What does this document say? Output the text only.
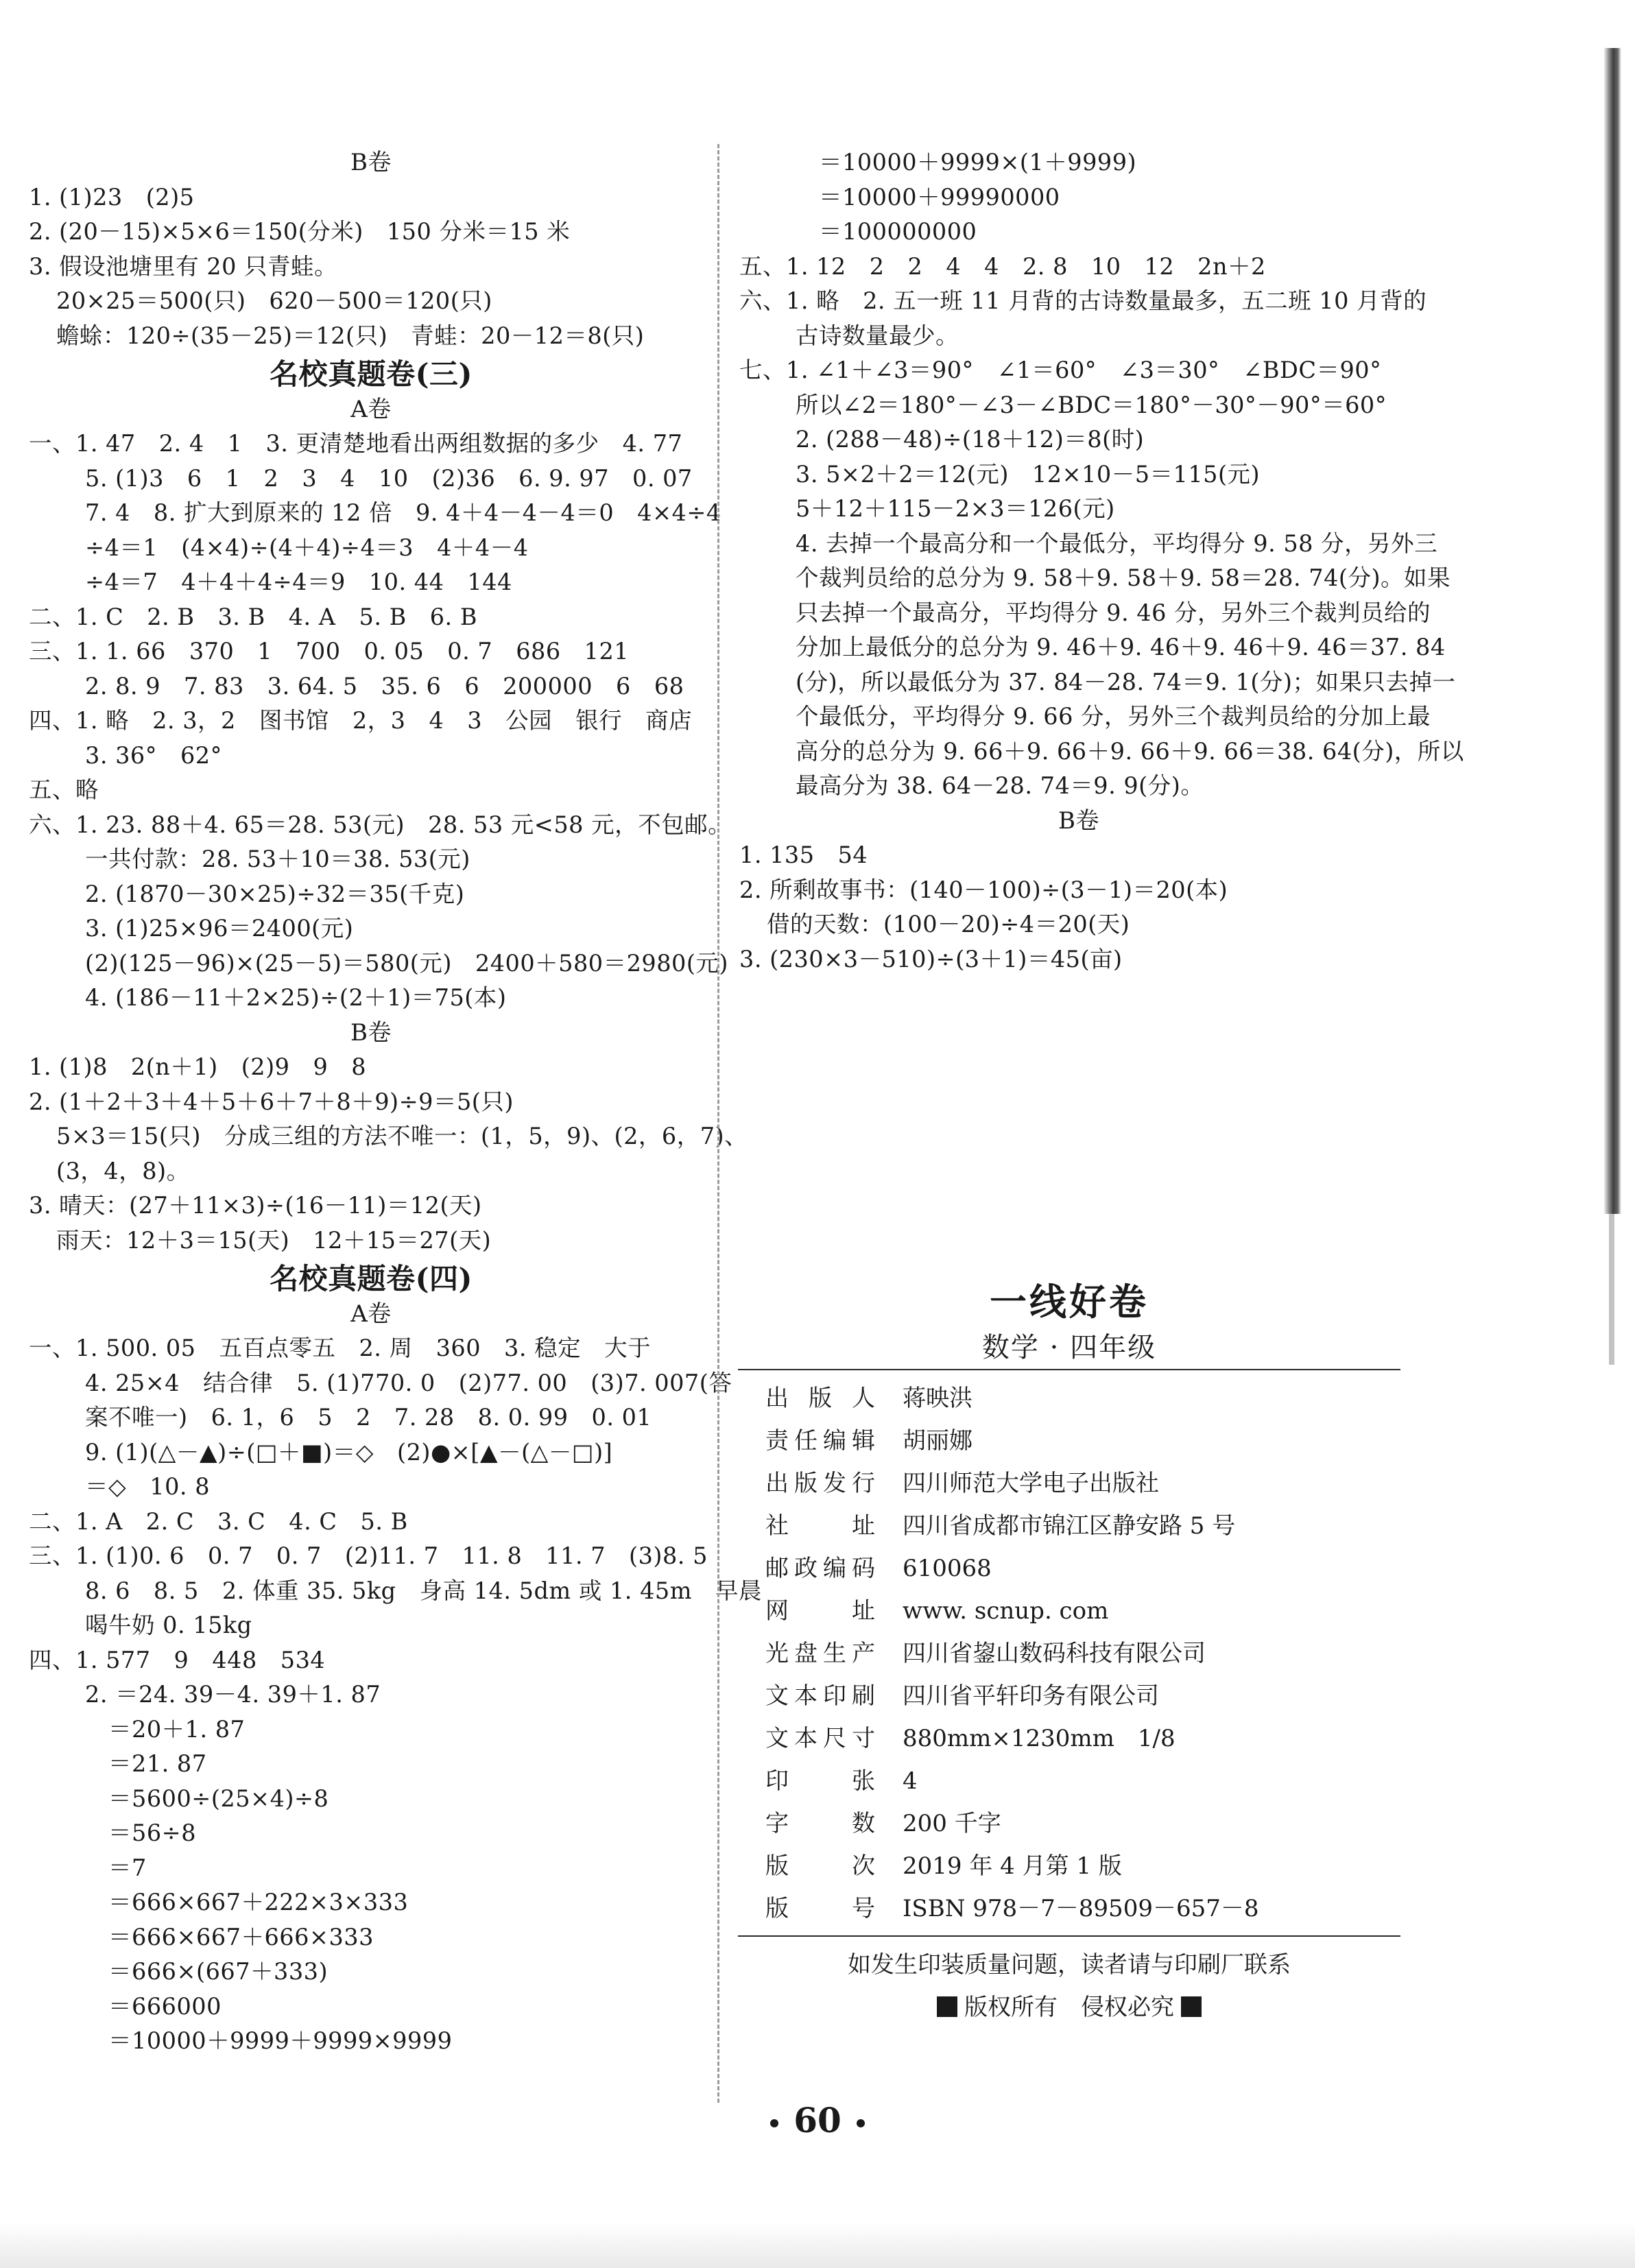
B卷
1. (1)23　(2)5
2. (20－15)×5×6＝150(分米)　150 分米＝15 米
3. 假设池塘里有 20 只青蛙。
20×25＝500(只)　620－500＝120(只)
蟾蜍：120÷(35－25)＝12(只)　青蛙：20－12＝8(只)
名校真题卷(三)
A卷
一、1. 47　2. 4　1　3. 更清楚地看出两组数据的多少　4. 77
5. (1)3　6　1　2　3　4　10　(2)36　6. 9. 97　0. 07
7. 4　8. 扩大到原来的 12 倍　9. 4＋4－4－4＝0　4×4÷4
÷4＝1　(4×4)÷(4＋4)÷4＝3　4＋4－4
÷4＝7　4＋4＋4÷4＝9　10. 44　144
二、1. C　2. B　3. B　4. A　5. B　6. B
三、1. 1. 66　370　1　700　0. 05　0. 7　686　121
2. 8. 9　7. 83　3. 64. 5　35. 6　6　200000　6　68
四、1. 略　2. 3，2　图书馆　2，3　4　3　公园　银行　商店
3. 36°　62°
五、略
六、1. 23. 88＋4. 65＝28. 53(元)　28. 53 元<58 元，不包邮。
一共付款：28. 53＋10＝38. 53(元)
2. (1870－30×25)÷32＝35(千克)
3. (1)25×96＝2400(元)
(2)(125－96)×(25－5)＝580(元)　2400＋580＝2980(元)
4. (186－11＋2×25)÷(2＋1)＝75(本)
B卷
1. (1)8　2(n＋1)　(2)9　9　8
2. (1＋2＋3＋4＋5＋6＋7＋8＋9)÷9＝5(只)
5×3＝15(只)　分成三组的方法不唯一：(1，5，9)、(2，6，7)、
(3，4，8)。
3. 晴天：(27＋11×3)÷(16－11)＝12(天)
雨天：12＋3＝15(天)　12＋15＝27(天)
名校真题卷(四)
A卷
一、1. 500. 05　五百点零五　2. 周　360　3. 稳定　大于
4. 25×4　结合律　5. (1)770. 0　(2)77. 00　(3)7. 007(答
案不唯一)　6. 1，6　5　2　7. 28　8. 0. 99　0. 01
9. (1)(△－▲)÷(□＋■)＝◇　(2)●×[▲－(△－□)]
＝◇　10. 8
二、1. A　2. C　3. C　4. C　5. B
三、1. (1)0. 6　0. 7　0. 7　(2)11. 7　11. 8　11. 7　(3)8. 5
8. 6　8. 5　2. 体重 35. 5kg　身高 14. 5dm 或 1. 45m　早晨
喝牛奶 0. 15kg
四、1. 577　9　448　534
2. ＝24. 39－4. 39＋1. 87
　＝20＋1. 87
　＝21. 87
　＝5600÷(25×4)÷8
　＝56÷8
　＝7
　＝666×667＋222×3×333
　＝666×667＋666×333
　＝666×(667＋333)
　＝666000
　＝10000＋9999＋9999×9999
　＝10000＋9999×(1＋9999)
　＝10000＋99990000
　＝100000000
五、1. 12　2　2　4　4　2. 8　10　12　2n＋2
六、1. 略　2. 五一班 11 月背的古诗数量最多，五二班 10 月背的
古诗数量最少。
七、1. ∠1＋∠3＝90°　∠1＝60°　∠3＝30°　∠BDC＝90°
所以∠2＝180°－∠3－∠BDC＝180°－30°－90°＝60°
2. (288－48)÷(18＋12)＝8(时)
3. 5×2＋2＝12(元)　12×10－5＝115(元)
5＋12＋115－2×3＝126(元)
4. 去掉一个最高分和一个最低分，平均得分 9. 58 分，另外三
个裁判员给的总分为 9. 58＋9. 58＋9. 58＝28. 74(分)。如果
只去掉一个最高分，平均得分 9. 46 分，另外三个裁判员给的
分加上最低分的总分为 9. 46＋9. 46＋9. 46＋9. 46＝37. 84
(分)，所以最低分为 37. 84－28. 74＝9. 1(分)；如果只去掉一
个最低分，平均得分 9. 66 分，另外三个裁判员给的分加上最
高分的总分为 9. 66＋9. 66＋9. 66＋9. 66＝38. 64(分)，所以
最高分为 38. 64－28. 74＝9. 9(分)。
B卷
1. 135　54
2. 所剩故事书：(140－100)÷(3－1)＝20(本)
借的天数：(100－20)÷4＝20(天)
3. (230×3－510)÷(3＋1)＝45(亩)
一线好卷
数学 · 四年级
出版人 蒋映洪
责任编辑 胡丽娜
出版发行 四川师范大学电子出版社
社址 四川省成都市锦江区静安路 5 号
邮政编码 610068
网址 www. scnup. com
光盘生产 四川省鋆山数码科技有限公司
文本印刷 四川省平轩印务有限公司
文本尺寸 880mm×1230mm　1/8
印张 4
字数 200 千字
版次 2019 年 4 月第 1 版
版号 ISBN 978－7－89509－657－8
如发生印装质量问题，读者请与印刷厂联系
版权所有　侵权必究
60
